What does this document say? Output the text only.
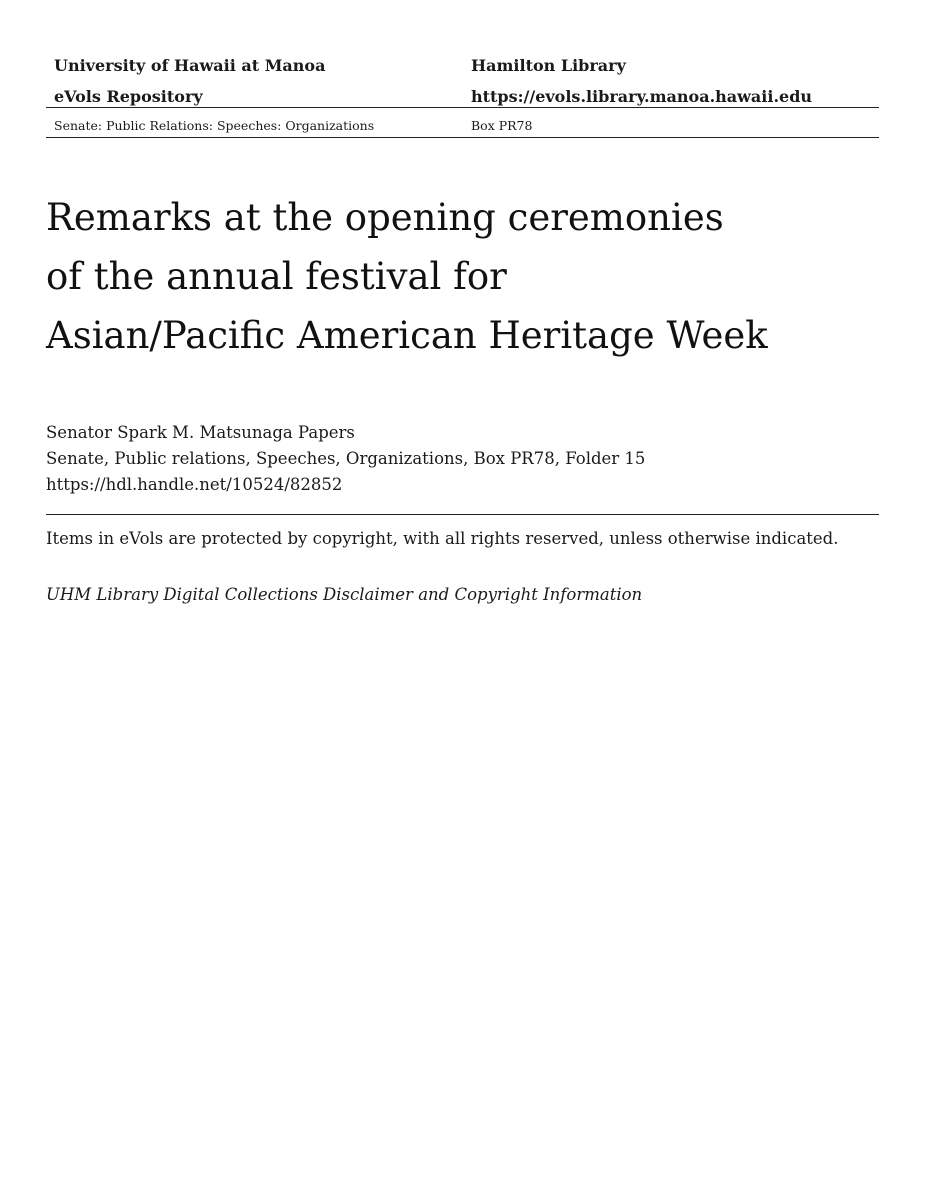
University of Hawaii at Manoa	Hamilton Library
eVols Repository	https://evols.library.manoa.hawaii.edu
Senate: Public Relations: Speeches: Organizations	Box PR78
Remarks at the opening ceremonies
of the annual festival for
Asian/Pacific American Heritage Week
Senator Spark M. Matsunaga Papers
Senate, Public relations, Speeches, Organizations, Box PR78, Folder 15
https://hdl.handle.net/10524/82852
Items in eVols are protected by copyright, with all rights reserved, unless otherwise indicated.
UHM Library Digital Collections Disclaimer and Copyright Information
